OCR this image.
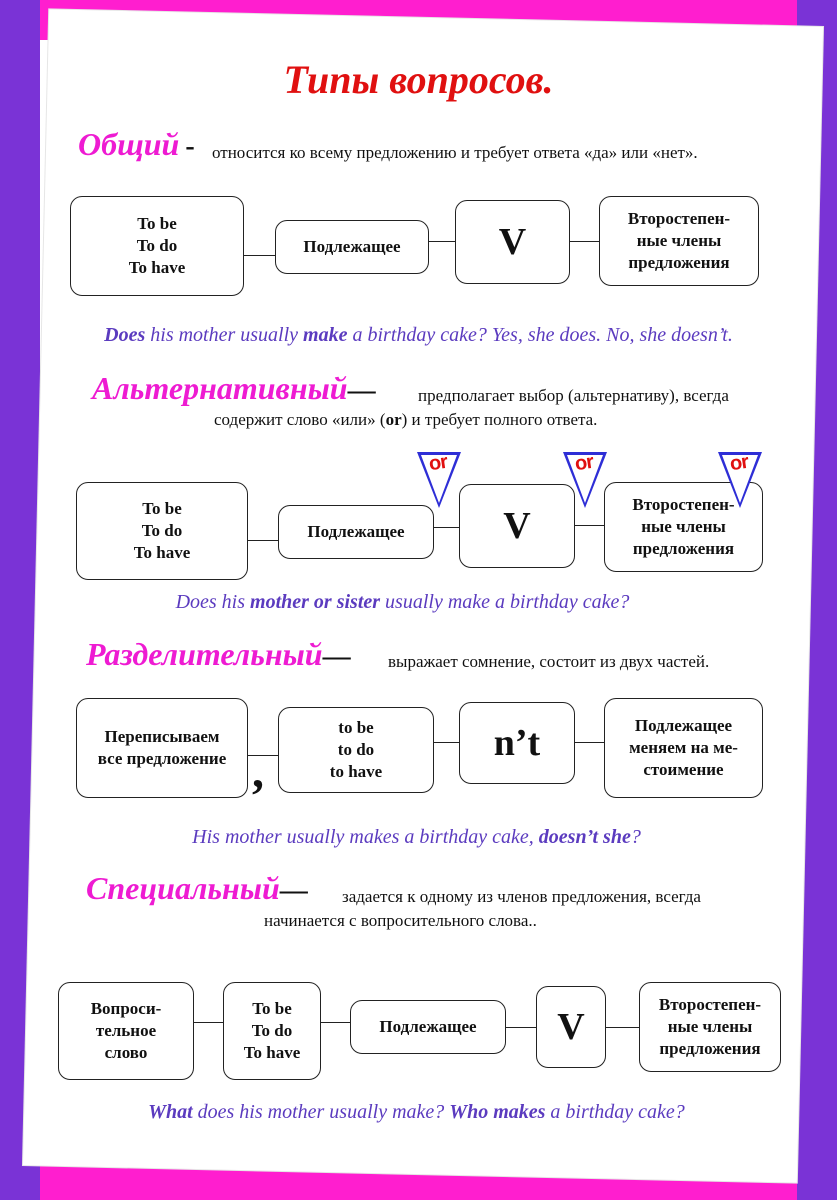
Типы вопросов.
Общий - относится ко всему предложению и требует ответа «да» или «нет».
To be
To do
To have
Подлежащее	V
Второстепен-
ные члены
предложения
Does his mother usually make a birthday cake? Yes, she does. No, she doesn’t.
Альтернативный— предполагает выбор (альтернативу), всегда
содержит слово «или» (or) и требует полного ответа.
To be
To do
To have
Подлежащее	V
Второстепен-
ные члены
предложения
or	or	or
Does his mother or sister usually make a birthday cake?
Разделительный— выражает сомнение, состоит из двух частей.
Переписываем
все предложение ,
to be
to do
to have
n’t	Подлежащее
меняем на ме-
стоимение
His mother usually makes a birthday cake, doesn’t she?
Специальный— задается к одному из членов предложения, всегда
начинается с вопросительного слова..
Вопроси-
тельное
слово
To be
To do
To have
Подлежащее V
Второстепен-
ные члены
предложения
What does his mother usually make? Who makes a birthday cake?
